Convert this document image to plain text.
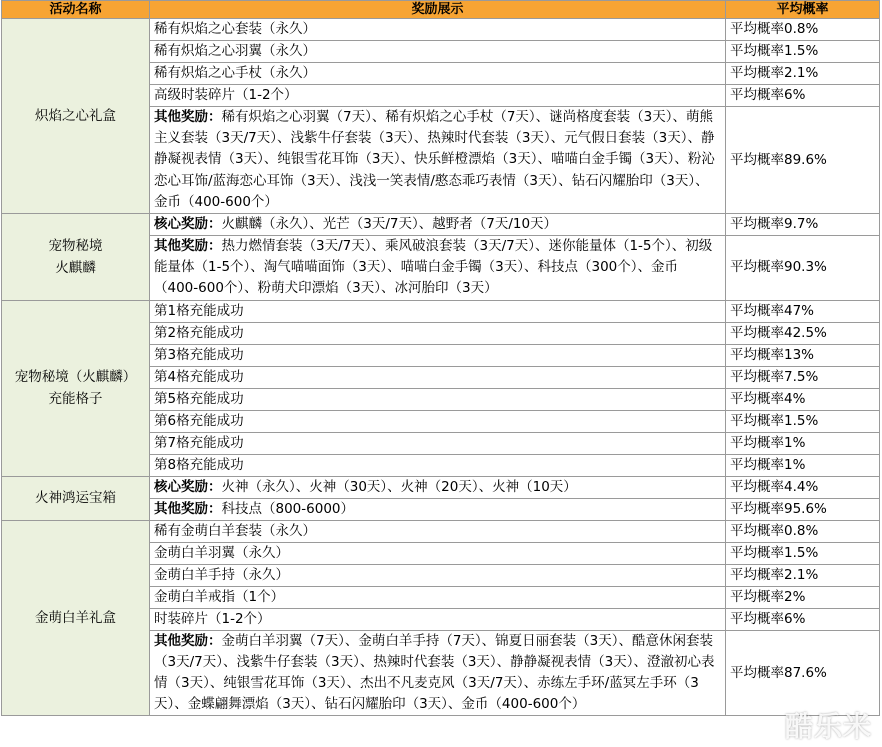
活动名称	奖励展示	平均概率

炽焰之心礼盒	稀有炽焰之心套装（永久）	平均概率0.8%
	稀有炽焰之心羽翼（永久）	平均概率1.5%
	稀有炽焰之心手杖（永久）	平均概率2.1%
	高级时装碎片（1-2个）	平均概率6%
	其他奖励：稀有炽焰之心羽翼（7天）、稀有炽焰之心手杖（7天）、谜尚格度套装（3天）、萌熊主义套装（3天/7天）、浅紫牛仔套装（3天）、热辣时代套装（3天）、元气假日套装（3天）、静静凝视表情（3天）、纯银雪花耳饰（3天）、快乐鲜橙漂焰（3天）、喵喵白金手镯（3天）、粉沁恋心耳饰/蓝海恋心耳饰（3天）、浅浅一笑表情/憨态乖巧表情（3天）、钻石闪耀胎印（3天）、金币（400-600个）	平均概率89.6%

宠物秘境
火麒麟	核心奖励：火麒麟（永久）、光芒（3天/7天）、越野者（7天/10天）	平均概率9.7%
	其他奖励：热力燃情套装（3天/7天）、乘风破浪套装（3天/7天）、迷你能量体（1-5个）、初级能量体（1-5个）、淘气喵喵面饰（3天）、喵喵白金手镯（3天）、科技点（300个）、金币（400-600个）、粉萌犬印漂焰（3天）、冰河胎印（3天）	平均概率90.3%

宠物秘境（火麒麟）
充能格子	第1格充能成功	平均概率47%
	第2格充能成功	平均概率42.5%
	第3格充能成功	平均概率13%
	第4格充能成功	平均概率7.5%
	第5格充能成功	平均概率4%
	第6格充能成功	平均概率1.5%
	第7格充能成功	平均概率1%
	第8格充能成功	平均概率1%

火神鸿运宝箱	核心奖励：火神（永久）、火神（30天）、火神（20天）、火神（10天）	平均概率4.4%
	其他奖励：科技点（800-6000）	平均概率95.6%

金萌白羊礼盒	稀有金萌白羊套装（永久）	平均概率0.8%
	金萌白羊羽翼（永久）	平均概率1.5%
	金萌白羊手持（永久）	平均概率2.1%
	金萌白羊戒指（1个）	平均概率2%
	时装碎片（1-2个）	平均概率6%
	其他奖励：金萌白羊羽翼（7天）、金萌白羊手持（7天）、锦夏日丽套装（3天）、酷意休闲套装（3天/7天）、浅紫牛仔套装（3天）、热辣时代套装（3天）、静静凝视表情（3天）、澄澈初心表情（3天）、纯银雪花耳饰（3天）、杰出不凡麦克风（3天/7天）、赤练左手环/蓝冥左手环（3天）、金蝶翩舞漂焰（3天）、钻石闪耀胎印（3天）、金币（400-600个）	平均概率87.6%
酷乐米
